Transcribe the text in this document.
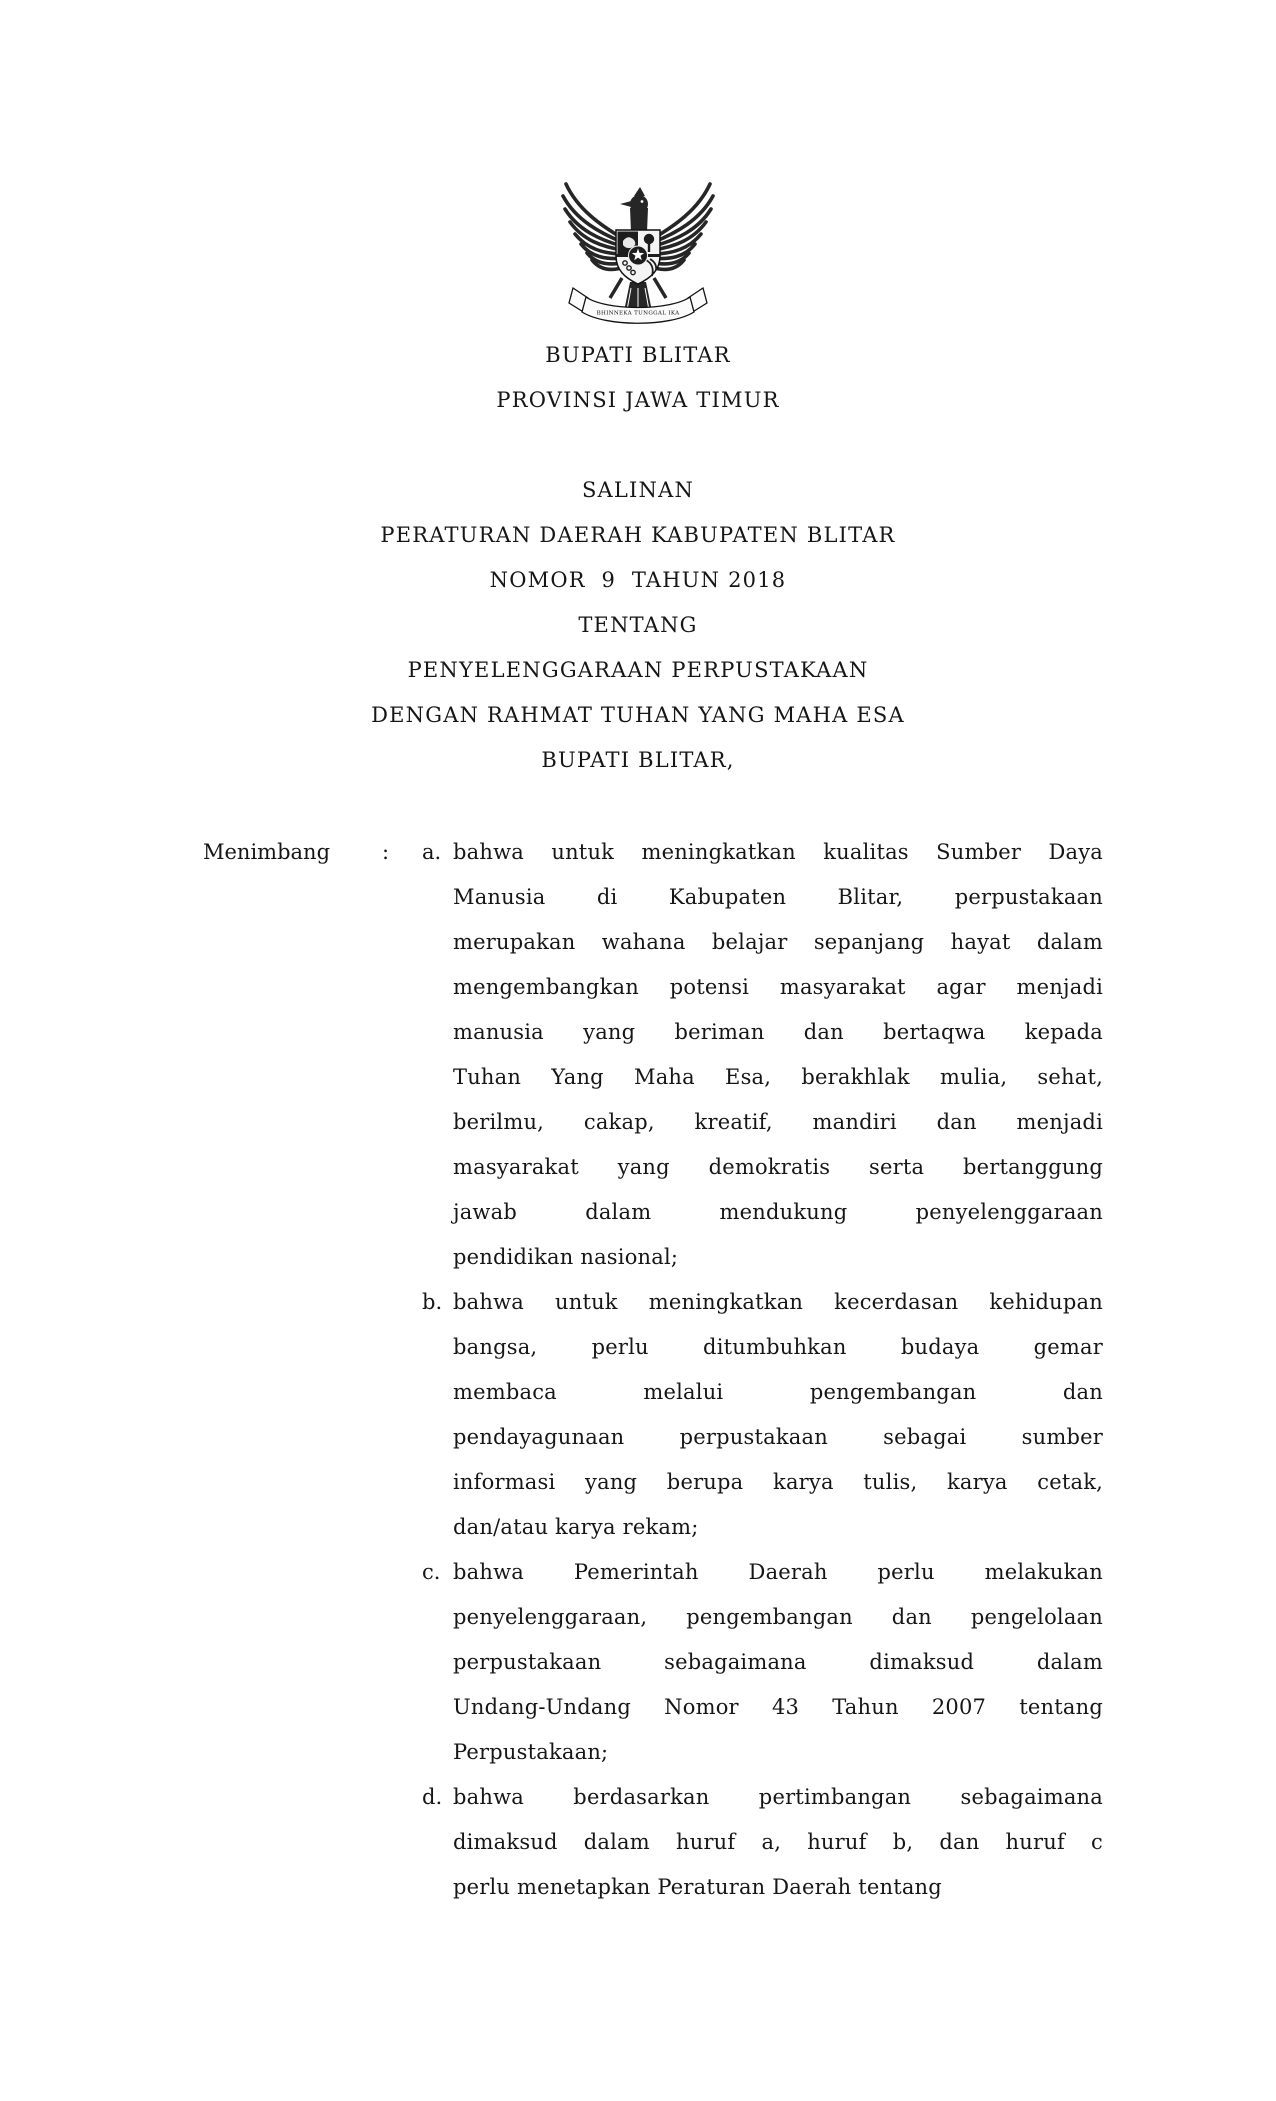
BHINNEKA TUNGGAL IKA
BUPATI BLITAR
PROVINSI JAWA TIMUR
SALINAN
PERATURAN DAERAH KABUPATEN BLITAR
NOMOR  9  TAHUN 2018
TENTANG
PENYELENGGARAAN PERPUSTAKAAN
DENGAN RAHMAT TUHAN YANG MAHA ESA
BUPATI BLITAR,
Menimbang	:	a. bahwa untuk meningkatkan kualitas Sumber Daya
Manusia di Kabupaten Blitar, perpustakaan
merupakan wahana belajar sepanjang hayat dalam
mengembangkan potensi masyarakat agar menjadi
manusia yang beriman dan bertaqwa kepada
Tuhan Yang Maha Esa, berakhlak mulia, sehat,
berilmu, cakap, kreatif, mandiri dan menjadi
masyarakat yang demokratis serta bertanggung
jawab dalam mendukung penyelenggaraan
pendidikan nasional;
b. bahwa untuk meningkatkan kecerdasan kehidupan
bangsa, perlu ditumbuhkan budaya gemar
membaca melalui pengembangan dan
pendayagunaan perpustakaan sebagai sumber
informasi yang berupa karya tulis, karya cetak,
dan/atau karya rekam;
c. bahwa Pemerintah Daerah perlu melakukan
penyelenggaraan, pengembangan dan pengelolaan
perpustakaan sebagaimana dimaksud dalam
Undang-Undang Nomor 43 Tahun 2007 tentang
Perpustakaan;
d. bahwa berdasarkan pertimbangan sebagaimana
dimaksud dalam huruf a, huruf b, dan huruf c
perlu menetapkan Peraturan Daerah tentang
